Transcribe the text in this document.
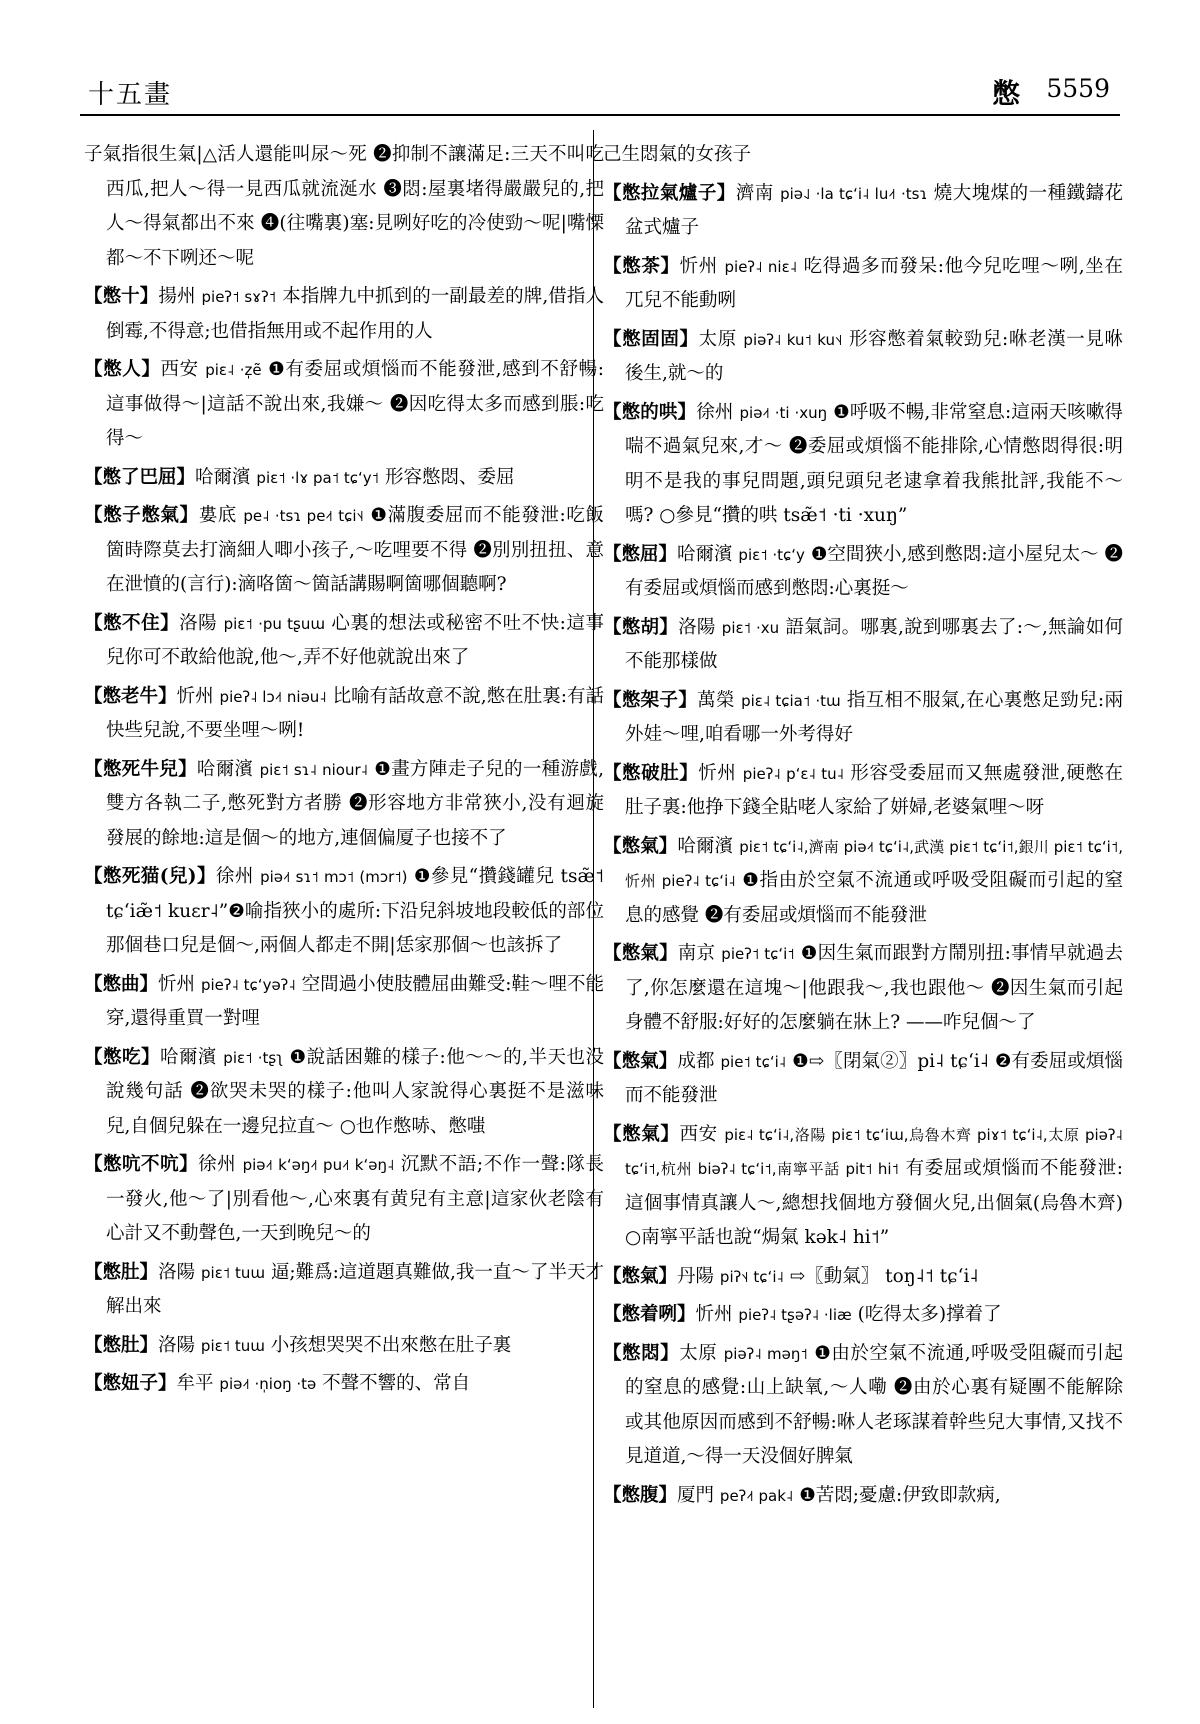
十五畫	憋 5559
子氣指很生氣|△活人還能叫尿～死 ❷抑制不讓滿足:三天不叫吃西瓜,把人～得一見西瓜就流涎水 ❸悶:屋裏堵得嚴嚴兒的,把人～得氣都出不來 ❹(往嘴裏)塞:見咧好吃的冷使勁～呢|嘴慄都～不下咧还～呢
【憋十】揚州 pieʔ˦ sɤʔ˦ 本指牌九中抓到的一副最差的牌,借指人倒霉,不得意;也借指無用或不起作用的人
【憋人】西安 piɛ˨ ·z̩ẽ ❶有委屈或煩惱而不能發泄,感到不舒暢:這事做得～|這話不說出來,我嫌～ ❷因吃得太多而感到脹:吃得～
【憋了巴屈】哈爾濱 piɛ˦ ·lɤ pa˦ tɕʻy˦ 形容憋悶、委屈
【憋子憋氣】婁底 pe˨ ·tsɿ pe˨˦ tɕi˦˨ ❶滿腹委屈而不能發泄:吃飯箇時際莫去打滴細人唧小孩子,～吃哩要不得 ❷別別扭扭、意在泄憤的(言行):滴咯箇～箇話講賜啊箇哪個聽啊?
【憋不住】洛陽 piɛ˦ ·pu tʂuɯ 心裏的想法或秘密不吐不快:這事兒你可不敢給他說,他～,弄不好他就說出來了
【憋老牛】忻州 pieʔ˨ lɔ˨˦ niəu˨ 比喻有話故意不說,憋在肚裏:有話快些兒說,不要坐哩～咧!
【憋死牛兒】哈爾濱 piɛ˦ sɿ˨ niour˨ ❶畫方陣走子兒的一種游戲,雙方各執二子,憋死對方者勝 ❷形容地方非常狹小,没有迴旋發展的餘地:這是個～的地方,連個偏厦子也接不了
【憋死猫(兒)】徐州 piə˨˦ sɿ˦ mɔ˦ (mɔr˦) ❶參見“攢錢罐兒 tsæ̃˦ tɕʻiæ̃˦ kuɛr˨”❷喻指狹小的處所:下沿兒斜坡地段較低的部位那個巷口兒是個～,兩個人都走不開|恁家那個～也該拆了
【憋曲】忻州 pieʔ˨ tɕʻyəʔ˨ 空間過小使肢體屈曲難受:鞋～哩不能穿,還得重買一對哩
【憋吃】哈爾濱 piɛ˦ ·tʂʅ ❶說話困難的樣子:他～～的,半天也没說幾句話 ❷欲哭未哭的樣子:他叫人家說得心裏挺不是滋味兒,自個兒躲在一邊兒拉直～ ○也作憋哧、憋嗤
【憋吭不吭】徐州 piə˨˦ kʻəŋ˨˦ pu˨˦ kʻəŋ˨ 沉默不語;不作一聲:隊長一發火,他～了|別看他～,心來裏有黄兒有主意|這家伙老陰有心計又不動聲色,一天到晚兒～的
【憋肚】洛陽 piɛ˦ tuɯ 逼;難爲:這道題真難做,我一直～了半天才解出來
【憋肚】洛陽 piɛ˦ tuɯ 小孩想哭哭不出來憋在肚子裏
【憋妞子】牟平 piə˨˦ ·n̩ioŋ ·tə 不聲不響的、常自
己生悶氣的女孩子
【憋拉氣爐子】濟南 piə˨˩ ·la tɕʻi˨ lu˨˦ ·tsɿ 燒大塊煤的一種鐵鑄花盆式爐子
【憋茶】忻州 pieʔ˨ niɛ˨ 吃得過多而發呆:他今兒吃哩～咧,坐在兀兒不能動咧
【憋固固】太原 piəʔ˨ ku˦ ku˦˨ 形容憋着氣較勁兒:咻老漢一見咻後生,就～的
【憋的哄】徐州 piə˨˦ ·ti ·xuŋ ❶呼吸不暢,非常窒息:這兩天咳嗽得喘不過氣兒來,才～ ❷委屈或煩惱不能排除,心情憋悶得很:明明不是我的事兒問題,頭兒頭兒老逮拿着我熊批評,我能不～嗎? ○參見“攢的哄 tsæ̃˦ ·ti ·xuŋ”
【憋屈】哈爾濱 piɛ˦ ·tɕʻy ❶空間狹小,感到憋悶:這小屋兒太～ ❷有委屈或煩惱而感到憋悶:心裏挺～
【憋胡】洛陽 piɛ˦ ·xu 語氣詞。哪裏,說到哪裏去了:～,無論如何不能那樣做
【憋架子】萬榮 piɛ˨ tɕia˦ ·tɯ 指互相不服氣,在心裏憋足勁兒:兩外娃～哩,咱看哪一外考得好
【憋破肚】忻州 pieʔ˨ pʻɛ˨ tu˨ 形容受委屈而又無處發泄,硬憋在肚子裏:他挣下錢全貼咾人家給了姘婦,老婆氣哩～呀
【憋氣】哈爾濱 piɛ˦ tɕʻi˨,濟南 piə˨˦ tɕʻi˨,武漢 piɛ˦ tɕʻi˦,銀川 piɛ˦ tɕʻi˦,忻州 pieʔ˨ tɕʻi˨ ❶指由於空氣不流通或呼吸受阻礙而引起的窒息的感覺 ❷有委屈或煩惱而不能發泄
【憋氣】南京 pieʔ˦ tɕʻi˦ ❶因生氣而跟對方鬧別扭:事情早就過去了,你怎麼還在這塊～|他跟我～,我也跟他～ ❷因生氣而引起身體不舒服:好好的怎麼躺在牀上? ——咋兒個～了
【憋氣】成都 pie˦ tɕʻi˨ ❶⇨〖閉氣②〗pi˨ tɕʻi˨ ❷有委屈或煩惱而不能發泄
【憋氣】西安 piɛ˨ tɕʻi˨,洛陽 piɛ˦ tɕʻiɯ,烏魯木齊 piɤ˦ tɕʻi˨,太原 piəʔ˨ tɕʻi˦,杭州 biəʔ˨ tɕʻi˦,南寧平話 pit˦ hi˦ 有委屈或煩惱而不能發泄:這個事情真讓人～,總想找個地方發個火兒,出個氣(烏魯木齊) ○南寧平話也說“焗氣 kək˨ hi˦”
【憋氣】丹陽 piʔ˦˨ tɕʻi˨ ⇨〖動氣〗 toŋ˨˦ tɕʻi˨
【憋着咧】忻州 pieʔ˨ tʂəʔ˨ ·liæ (吃得太多)撑着了
【憋悶】太原 piəʔ˨ məŋ˦ ❶由於空氣不流通,呼吸受阻礙而引起的窒息的感覺:山上缺氧,～人嘞 ❷由於心裏有疑團不能解除或其他原因而感到不舒暢:咻人老琢謀着幹些兒大事情,又找不見道道,～得一天没個好脾氣
【憋腹】厦門 peʔ˨˦ pak˨ ❶苦悶;憂慮:伊致即款病,
